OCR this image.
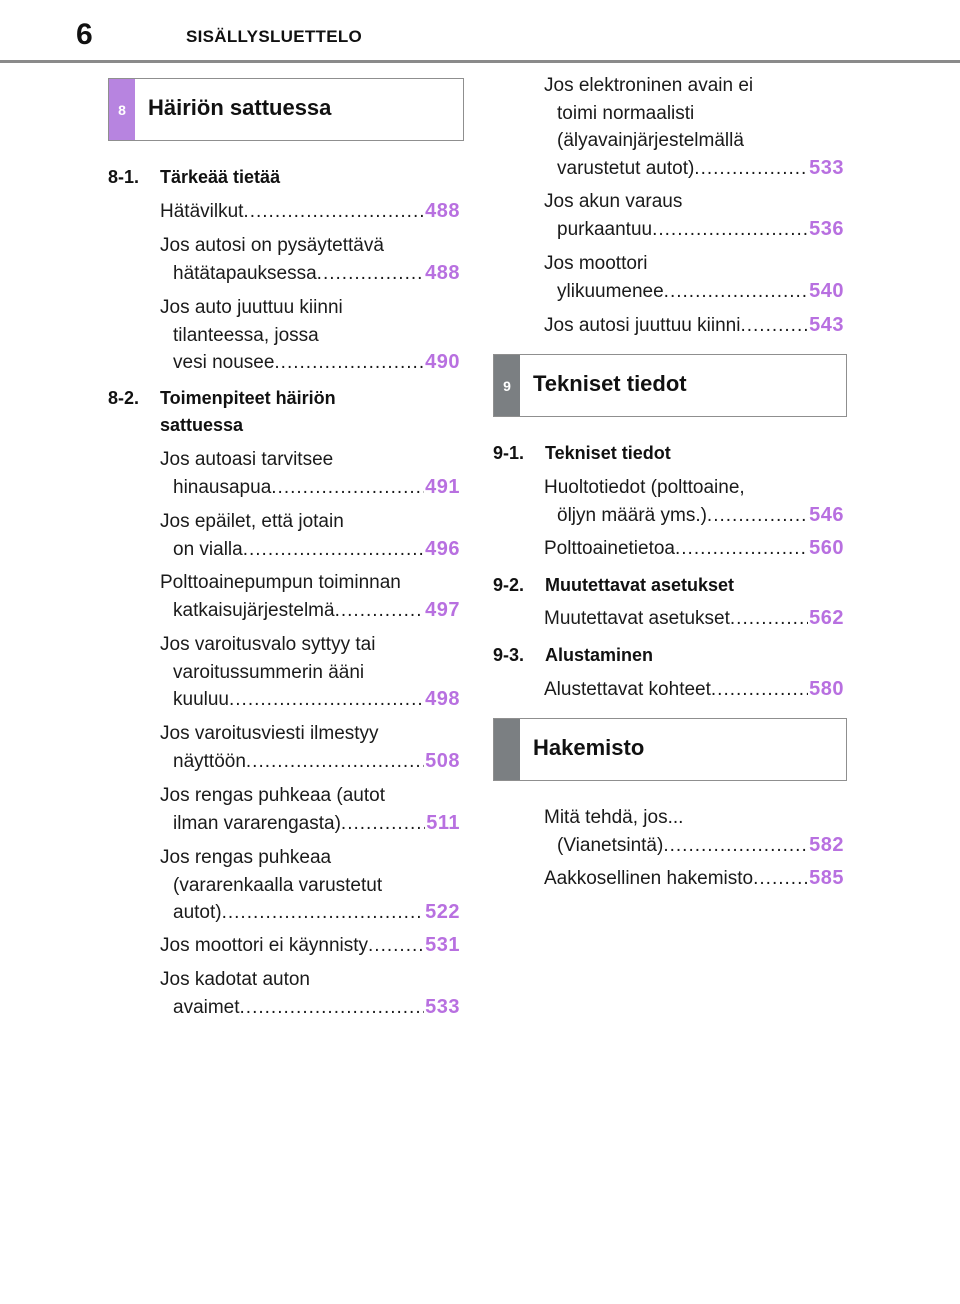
6	SISÄLLYSLUETTELO
8	Häiriön sattuessa
8-1. Tärkeää tietää
Hätävilkut .....	488
Jos autosi on pysäytettävä
hätätapauksessa .....	488
Jos auto juuttuu kiinni
tilanteessa, jossa
vesi nousee .....	490
8-2. Toimenpiteet häiriön
sattuessa
Jos autoasi tarvitsee
hinausapua .....	491
Jos epäilet, että jotain
on vialla .....	496
Polttoainepumpun toiminnan
katkaisujärjestelmä .....	497
Jos varoitusvalo syttyy tai
varoitussummerin ääni
kuuluu .....	498
Jos varoitusviesti ilmestyy
näyttöön .....	508
Jos rengas puhkeaa (autot
ilman vararengasta) .....	511
Jos rengas puhkeaa
(vararenkaalla varustetut
autot) .....	522
Jos moottori ei käynnisty .....	531
Jos kadotat auton
avaimet .....	533
Jos elektroninen avain ei
toimi normaalisti
(älyavainjärjestelmällä
varustetut autot) .....	533
Jos akun varaus
purkaantuu .....	536
Jos moottori
ylikuumenee .....	540
Jos autosi juuttuu kiinni .....	543
9	Tekniset tiedot
9-1. Tekniset tiedot
Huoltotiedot (polttoaine,
öljyn määrä yms.) .....	546
Polttoainetietoa .....	560
9-2. Muutettavat asetukset
Muutettavat asetukset .....	562
9-3. Alustaminen
Alustettavat kohteet .....	580
Hakemisto
Mitä tehdä, jos...
(Vianetsintä) .....	582
Aakkosellinen hakemisto .....	585
